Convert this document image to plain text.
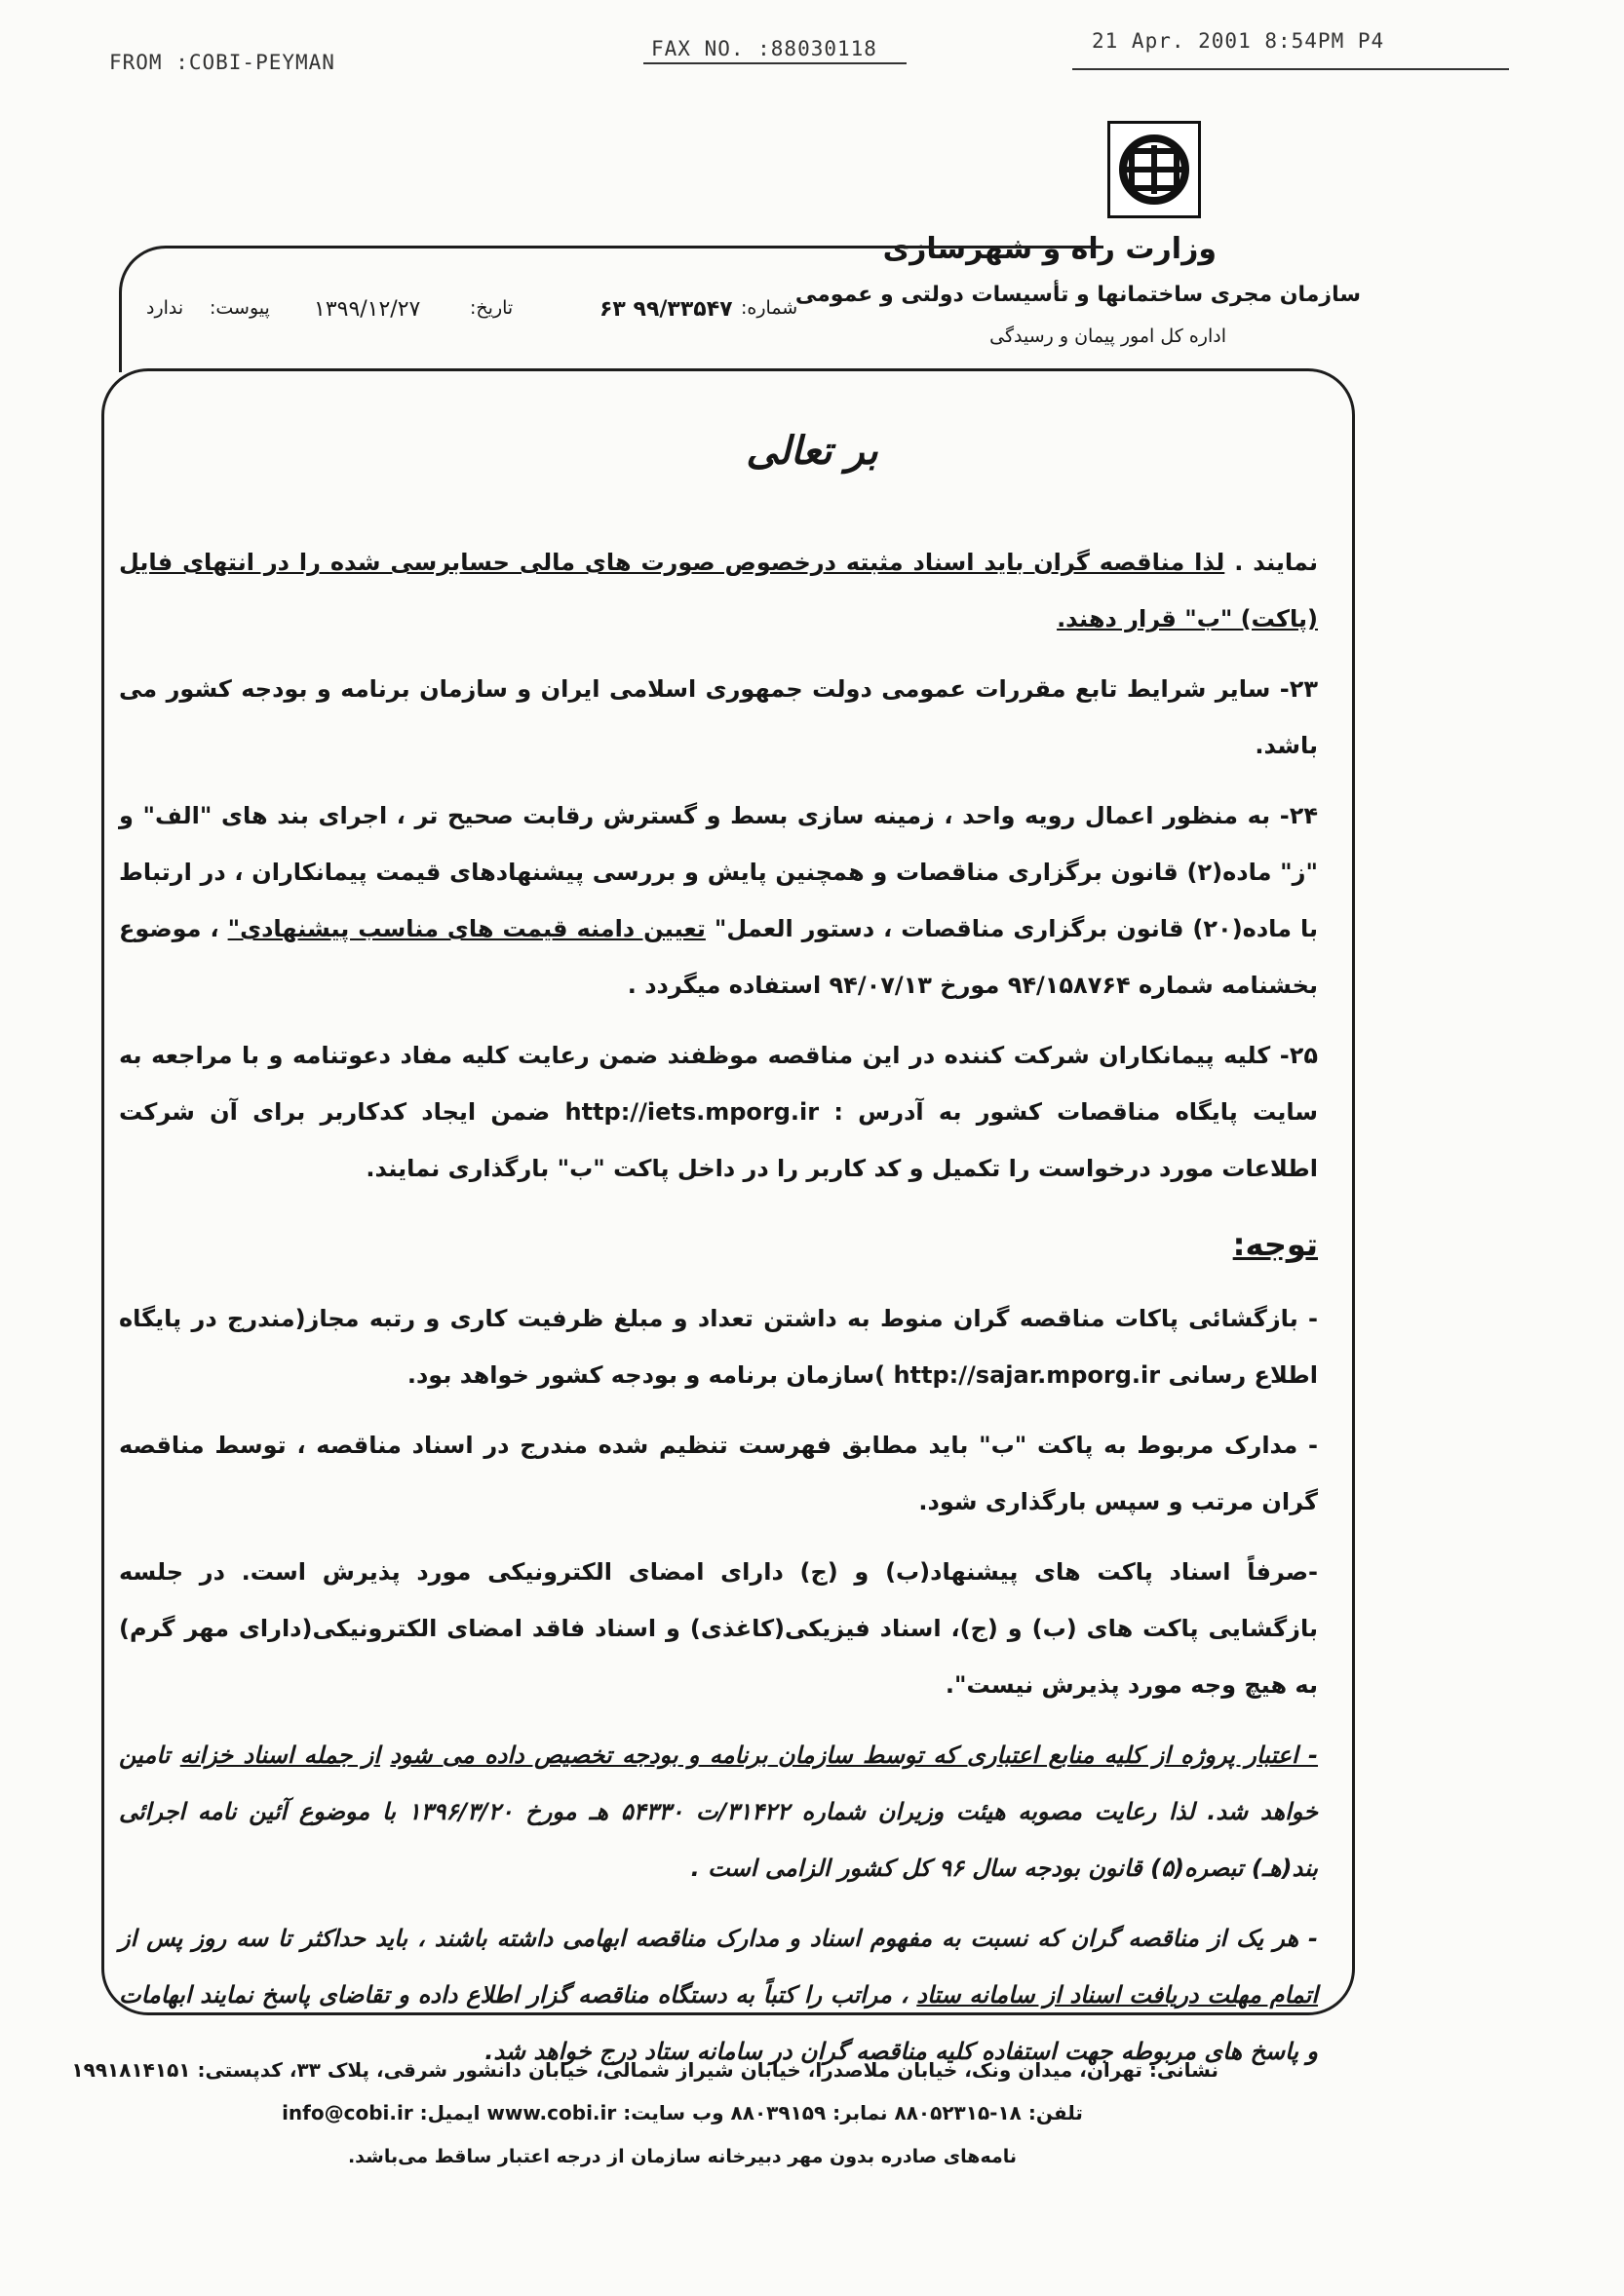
FROM :COBI-PEYMAN
FAX NO. :88030118	21 Apr. 2001 8:54PM P4
وزارت راه و شهرسازی
سازمان مجری ساختمانها و تأسیسات دولتی و عمومی
اداره کل امور پیمان و رسیدگی
شماره:
۶۳ ۹۹/۳۳۵۴۷
تاریخ:
۱۳۹۹/۱۲/۲۷
پیوست:
ندارد
بر تعالی

نمایند . لذا مناقصه گران باید اسناد مثبته درخصوص صورت های مالی حسابرسی شده را در انتهای فایل (پاکت) "ب" قرار دهند.

۲۳- سایر شرایط تابع مقررات عمومی دولت جمهوری اسلامی ایران و سازمان برنامه و بودجه کشور می باشد.

۲۴- به منظور اعمال رویه واحد ، زمینه سازی بسط و گسترش رقابت صحیح تر ، اجرای بند های "الف" و "ز" ماده(۲) قانون برگزاری مناقصات و همچنین پایش و بررسی پیشنهادهای قیمت پیمانکاران ، در ارتباط با ماده(۲۰) قانون برگزاری مناقصات ، دستور العمل" تعیین دامنه قیمت های مناسب پیشنهادی" ، موضوع بخشنامه شماره ۹۴/۱۵۸۷۶۴ مورخ ۹۴/۰۷/۱۳ استفاده میگردد .

۲۵- کلیه پیمانکاران شرکت کننده در این مناقصه موظفند ضمن رعایت کلیه مفاد دعوتنامه و با مراجعه به سایت پایگاه مناقصات کشور به آدرس : http://iets.mporg.ir ضمن ایجاد کدکاربر برای آن شرکت اطلاعات مورد درخواست را تکمیل و کد کاربر را در داخل پاکت "ب" بارگذاری نمایند.

توجه:

- بازگشائی پاکات مناقصه گران منوط به داشتن تعداد و مبلغ ظرفیت کاری و رتبه مجاز(مندرج در پایگاه اطلاع رسانی http://sajar.mporg.ir )سازمان برنامه و بودجه کشور خواهد بود.

- مدارک مربوط به پاکت "ب" باید مطابق فهرست تنظیم شده مندرج در اسناد مناقصه ، توسط مناقصه گران مرتب و سپس بارگذاری شود.

-صرفاً اسناد پاکت های پیشنهاد(ب) و (ج) دارای امضای الکترونیکی مورد پذیرش است. در جلسه بازگشایی پاکت های (ب) و (ج)، اسناد فیزیکی(کاغذی) و اسناد فاقد امضای الکترونیکی(دارای مهر گرم) به هیچ وجه مورد پذیرش نیست".

- اعتبار پروژه از کلیه منابع اعتباری که توسط سازمان برنامه و بودجه تخصیص داده می شود از جمله اسناد خزانه تامین خواهد شد. لذا رعایت مصوبه هیئت وزیران شماره ۳۱۴۲۲/ت ۵۴۳۳۰ هـ مورخ ۱۳۹۶/۳/۲۰ با موضوع آئین نامه اجرائی بند(هـ) تبصره(۵) قانون بودجه سال ۹۶ کل کشور الزامی است .

- هر یک از مناقصه گران که نسبت به مفهوم اسناد و مدارک مناقصه ابهامی داشته باشند ، باید حداکثر تا سه روز پس از اتمام مهلت دریافت اسناد از سامانه ستاد ، مراتب را کتباً به دستگاه مناقصه گزار اطلاع داده و تقاضای پاسخ نمایند ابهامات و پاسخ های مربوطه جهت استفاده کلیه مناقصه گران در سامانه ستاد درج خواهد شد.

نشانی: تهران، میدان ونک، خیابان ملاصدرا، خیابان شیراز شمالی، خیابان دانشور شرقی، پلاک ۳۳، کدپستی: ۱۹۹۱۸۱۴۱۵۱
تلفن: ۱۸-۸۸۰۵۲۳۱۵ نمابر: ۸۸۰۳۹۱۵۹ وب سایت: www.cobi.ir ایمیل: info@cobi.ir
نامه‌های صادره بدون مهر دبیرخانه سازمان از درجه اعتبار ساقط می‌باشد.
